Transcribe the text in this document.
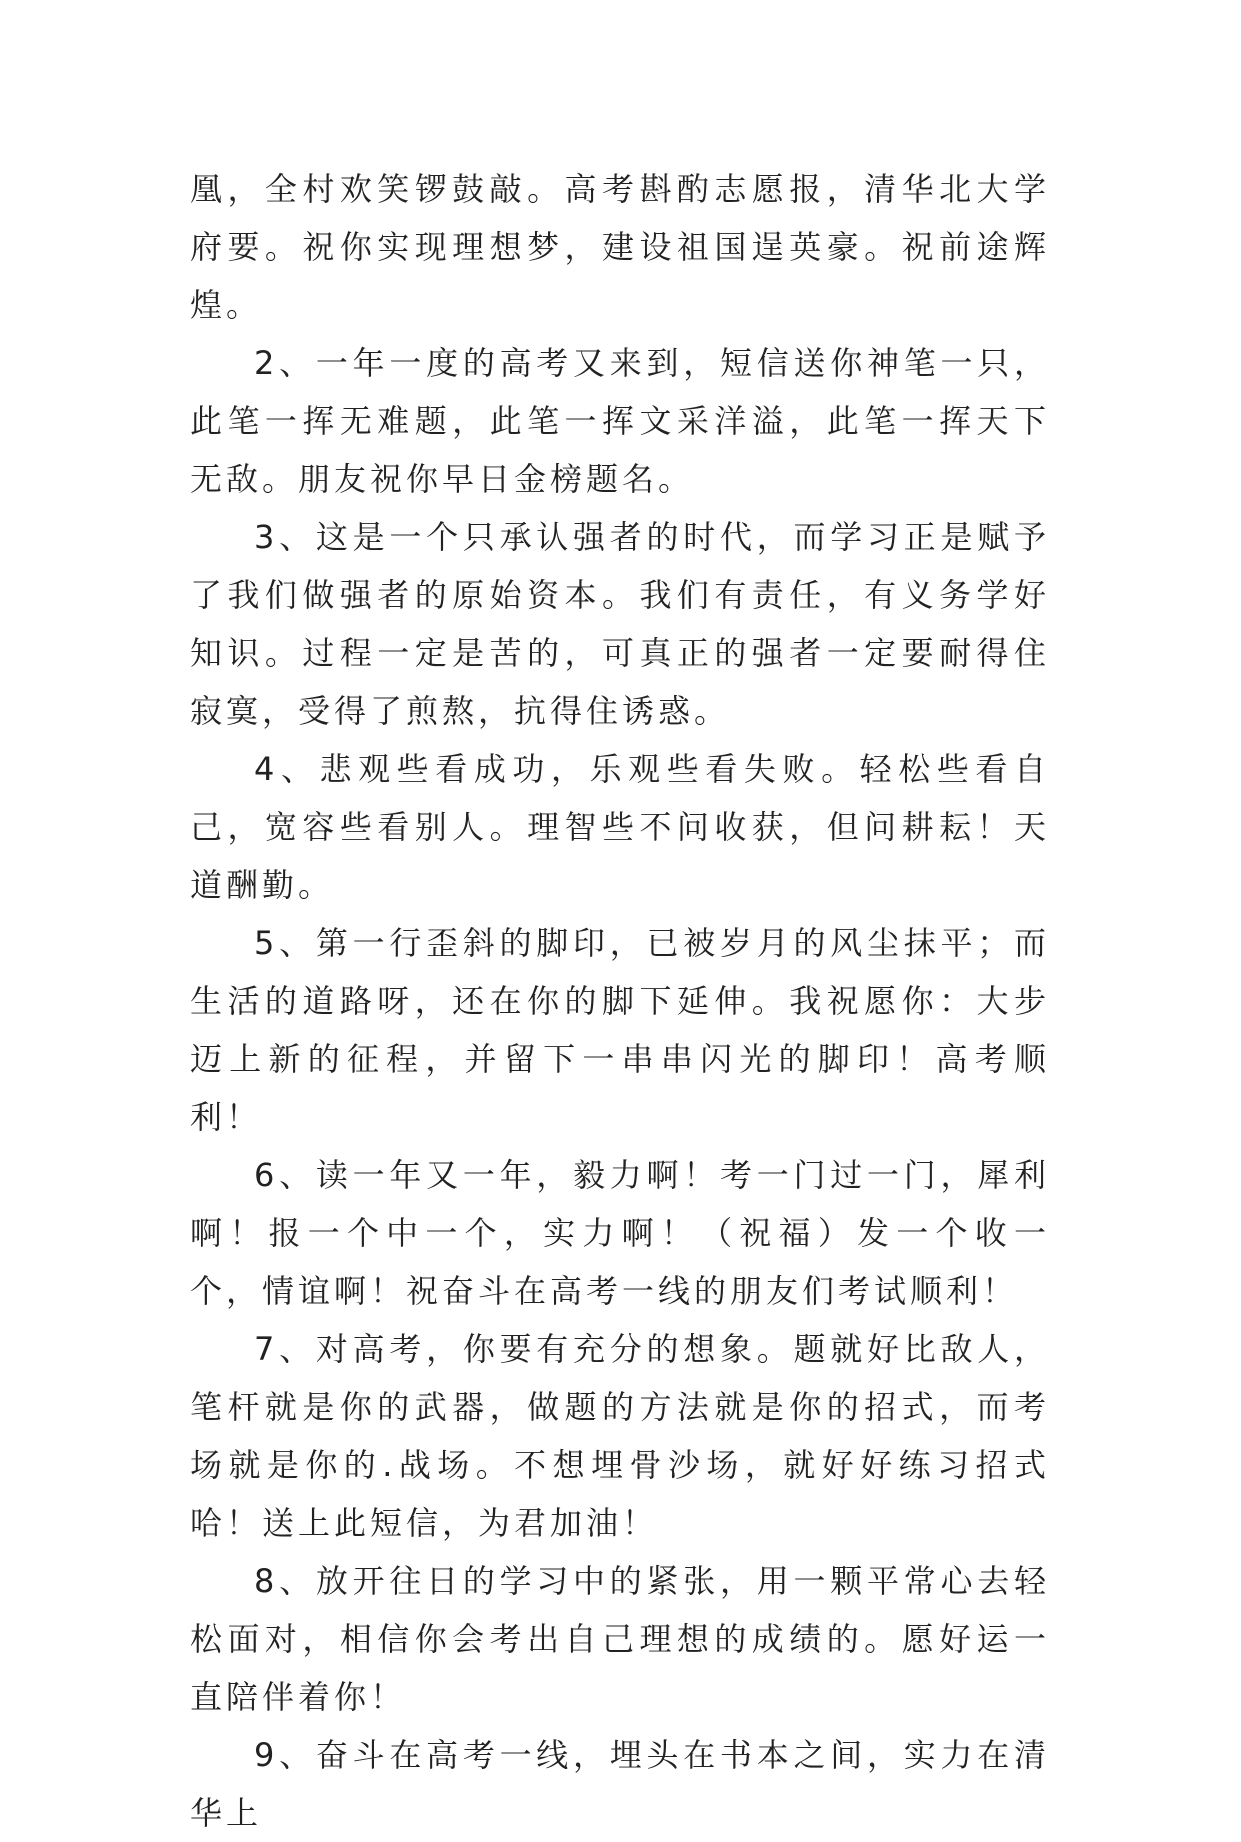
凰，全村欢笑锣鼓敲。高考斟酌志愿报，清华北大学府要。祝你实现理想梦，建设祖国逞英豪。祝前途辉煌。

2、一年一度的高考又来到，短信送你神笔一只，此笔一挥无难题，此笔一挥文采洋溢，此笔一挥天下无敌。朋友祝你早日金榜题名。

3、这是一个只承认强者的时代，而学习正是赋予了我们做强者的原始资本。我们有责任，有义务学好知识。过程一定是苦的，可真正的强者一定要耐得住寂寞，受得了煎熬，抗得住诱惑。

4、悲观些看成功，乐观些看失败。轻松些看自己，宽容些看别人。理智些不问收获，但问耕耘！天道酬勤。

5、第一行歪斜的脚印，已被岁月的风尘抹平；而生活的道路呀，还在你的脚下延伸。我祝愿你：大步迈上新的征程，并留下一串串闪光的脚印！高考顺利！

6、读一年又一年，毅力啊！考一门过一门，犀利啊！报一个中一个，实力啊！（祝福）发一个收一个，情谊啊！祝奋斗在高考一线的朋友们考试顺利！

7、对高考，你要有充分的想象。题就好比敌人，笔杆就是你的武器，做题的方法就是你的招式，而考场就是你的.战场。不想埋骨沙场，就好好练习招式哈！送上此短信，为君加油！

8、放开往日的学习中的紧张，用一颗平常心去轻松面对，相信你会考出自己理想的成绩的。愿好运一直陪伴着你！

9、奋斗在高考一线，埋头在书本之间，实力在清华上
